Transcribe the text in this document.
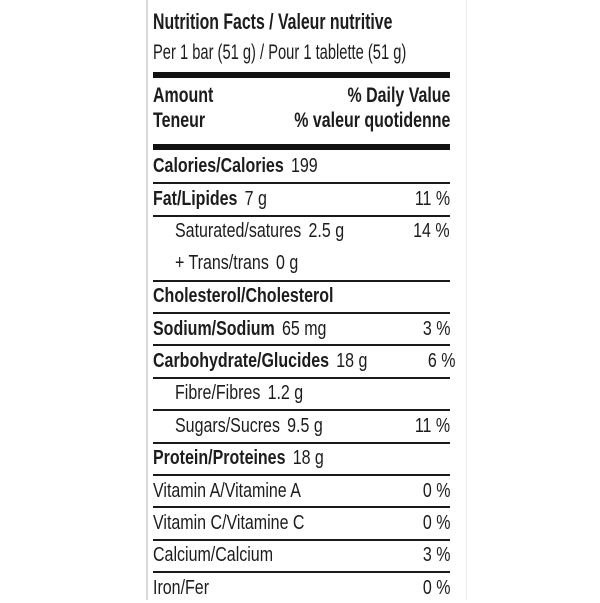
Nutrition Facts / Valeur nutritive
Per 1 bar (51 g) / Pour 1 tablette (51 g)
Amount	% Daily Value
Teneur	% valeur quotidenne
Calories/Calories 199
Fat/Lipides 7 g	11 %
Saturated/satures 2.5 g	14 %
+ Trans/trans 0 g
Cholesterol/Cholesterol
Sodium/Sodium 65 mg	3 %
Carbohydrate/Glucides 18 g	6 %
Fibre/Fibres 1.2 g
Sugars/Sucres 9.5 g	11 %
Protein/Proteines 18 g
Vitamin A/Vitamine A	0 %
Vitamin C/Vitamine C	0 %
Calcium/Calcium	3 %
Iron/Fer	0 %
